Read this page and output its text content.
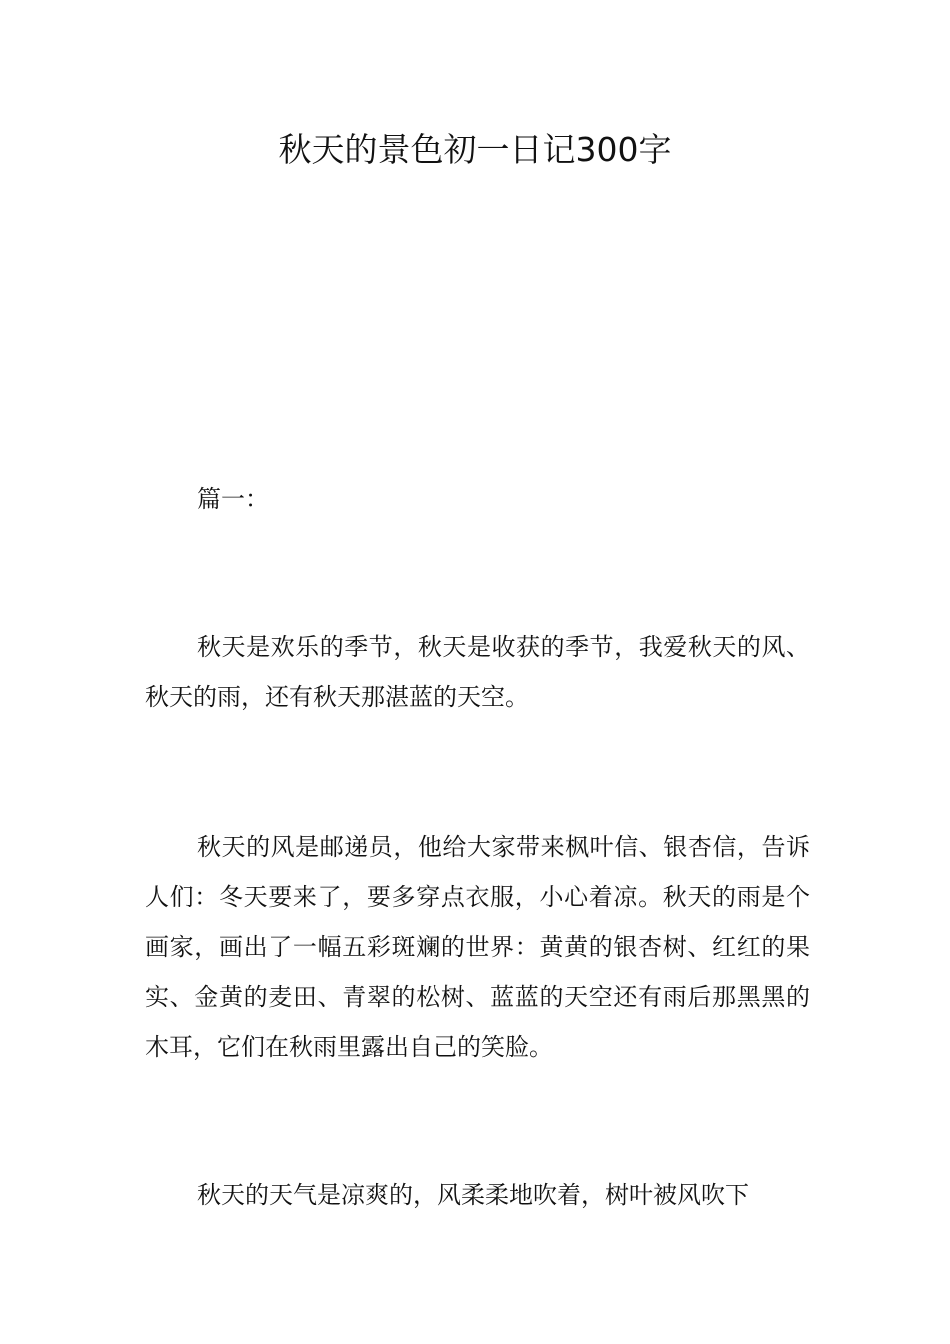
秋天的景色初一日记300字

篇一：

秋天是欢乐的季节，秋天是收获的季节，我爱秋天的风、秋天的雨，还有秋天那湛蓝的天空。

秋天的风是邮递员，他给大家带来枫叶信、银杏信，告诉人们：冬天要来了，要多穿点衣服，小心着凉。秋天的雨是个画家，画出了一幅五彩斑斓的世界：黄黄的银杏树、红红的果实、金黄的麦田、青翠的松树、蓝蓝的天空还有雨后那黑黑的木耳，它们在秋雨里露出自己的笑脸。

秋天的天气是凉爽的，风柔柔地吹着，树叶被风吹下
